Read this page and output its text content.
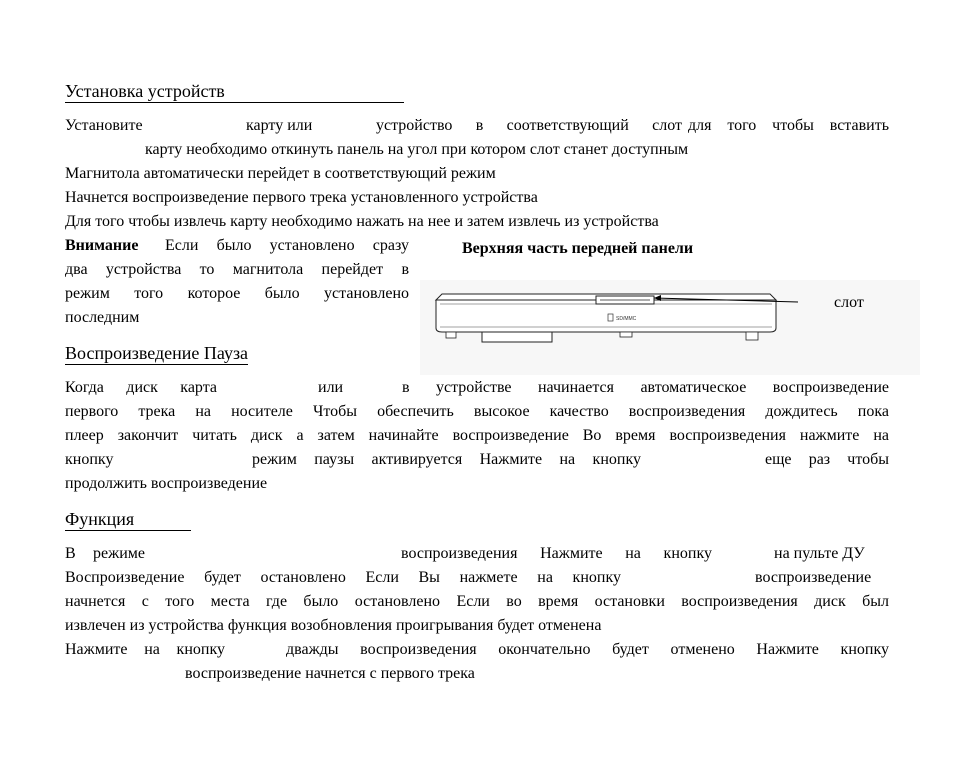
Установка устройств
Установите	карту или	устройство в соответствующий слот для того чтобы вставить
карту необходимо откинуть панель на угол при котором слот станет доступным
Магнитола автоматически перейдет в соответствующий режим
Начнется воспроизведение первого трека установленного устройства
Для того чтобы извлечь карту необходимо нажать на нее и затем извлечь из устройства
Внимание Если было установлено сразу
два устройства то магнитола перейдет в
режим того которое было установлено
последним
Верхняя часть передней панели
SD/MMC
слот
Воспроизведение Пауза
Когда диск карта	или	в устройстве начинается автоматическое воспроизведение
первого трека на носителе Чтобы обеспечить высокое качество воспроизведения дождитесь пока
плеер закончит читать диск а затем начинайте воспроизведение Во время воспроизведения нажмите на
кнопку	режим паузы активируется Нажмите на кнопку	еще раз чтобы
продолжить воспроизведение
Функция
В режиме	воспроизведения Нажмите на кнопку	на пульте ДУ
Воспроизведение будет остановлено Если Вы нажмете на кнопку	воспроизведение
начнется с того места где было остановлено Если во время остановки воспроизведения диск был
извлечен из устройства функция возобновления проигрывания будет отменена
Нажмите на кнопку	дважды воспроизведения окончательно будет отменено Нажмите кнопку
воспроизведение начнется с первого трека
